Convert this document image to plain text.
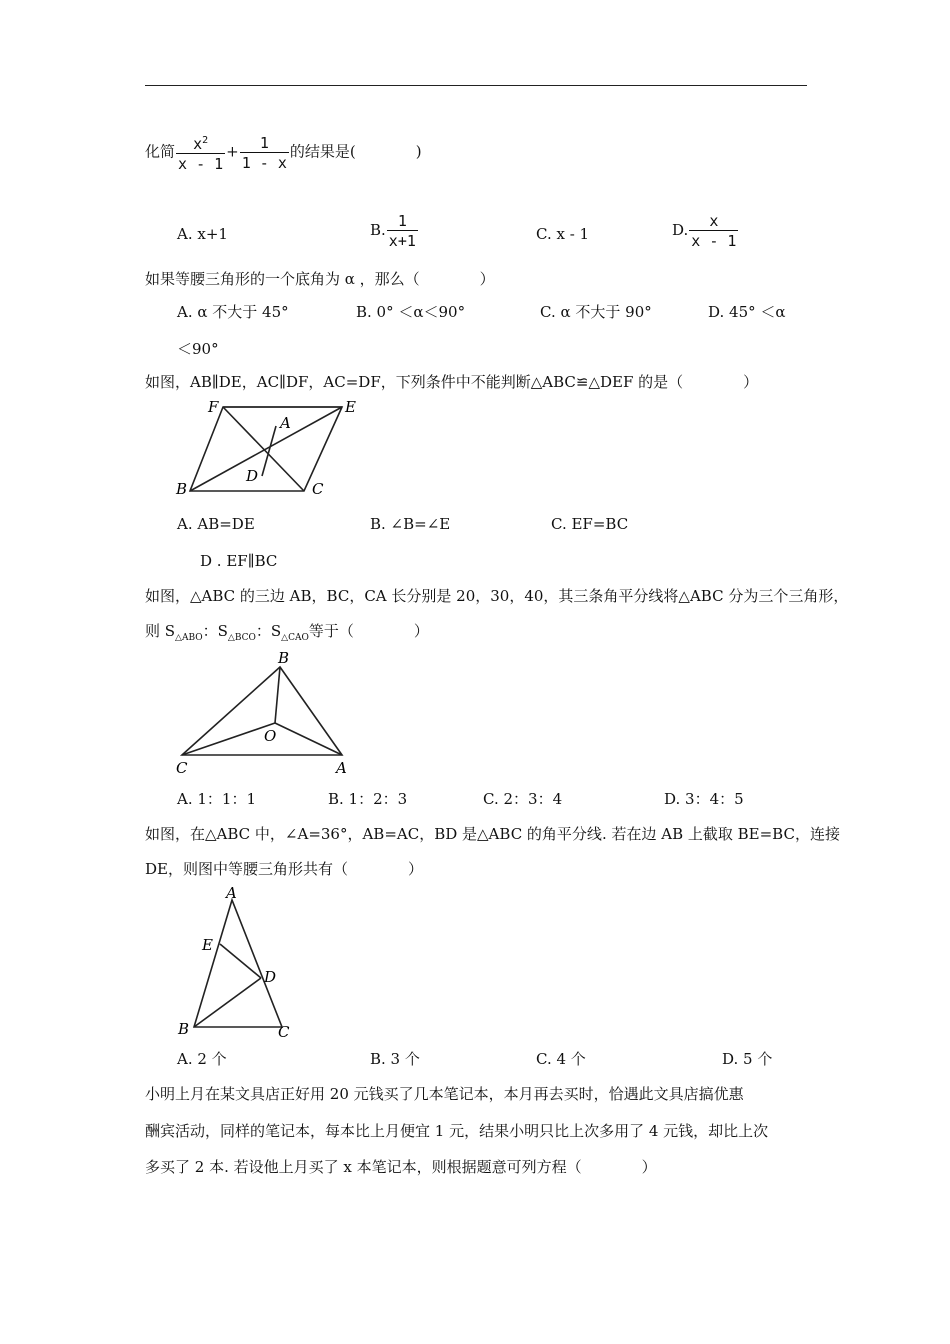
化简 $\frac{x^2}{x - 1} + \frac{1}{1 - x}$ 的结果是(　　　　)
A. x+1	B. $\frac{1}{x+1}$	C. x - 1	D. $\frac{x}{x - 1}$
如果等腰三角形的一个底角为 α ，那么（　　　　）
A. α 不大于 45°	B. 0° ＜α＜90°	C. α 不大于 90°	D. 45° ＜α
＜90°
如图，AB∥DE，AC∥DF，AC=DF，下列条件中不能判断△ABC≌△DEF 的是（　　　　）
F	E
A
D
B	C
A. AB=DE	B. ∠B=∠E	C. EF=BC
D . EF∥BC
如图，△ABC 的三边 AB，BC，CA 长分别是 20，30，40，其三条角平分线将△ABC 分为三个三角形，
则 $S_{\triangle ABO}$：$S_{\triangle BCO}$：$S_{\triangle CAO}$等于（　　　　）
B
O
C	A
A. 1：1：1	B. 1：2：3	C. 2：3：4	D. 3：4：5
如图，在△ABC 中，∠A=36°，AB=AC，BD 是△ABC 的角平分线. 若在边 AB 上截取 BE=BC，连接
DE，则图中等腰三角形共有（　　　　）
A
E
D
B	C
A. 2 个	B. 3 个	C. 4 个	D. 5 个
小明上月在某文具店正好用 20 元钱买了几本笔记本，本月再去买时，恰遇此文具店搞优惠
酬宾活动，同样的笔记本，每本比上月便宜 1 元，结果小明只比上次多用了 4 元钱，却比上次
多买了 2 本. 若设他上月买了 x 本笔记本，则根据题意可列方程（　　　　）
